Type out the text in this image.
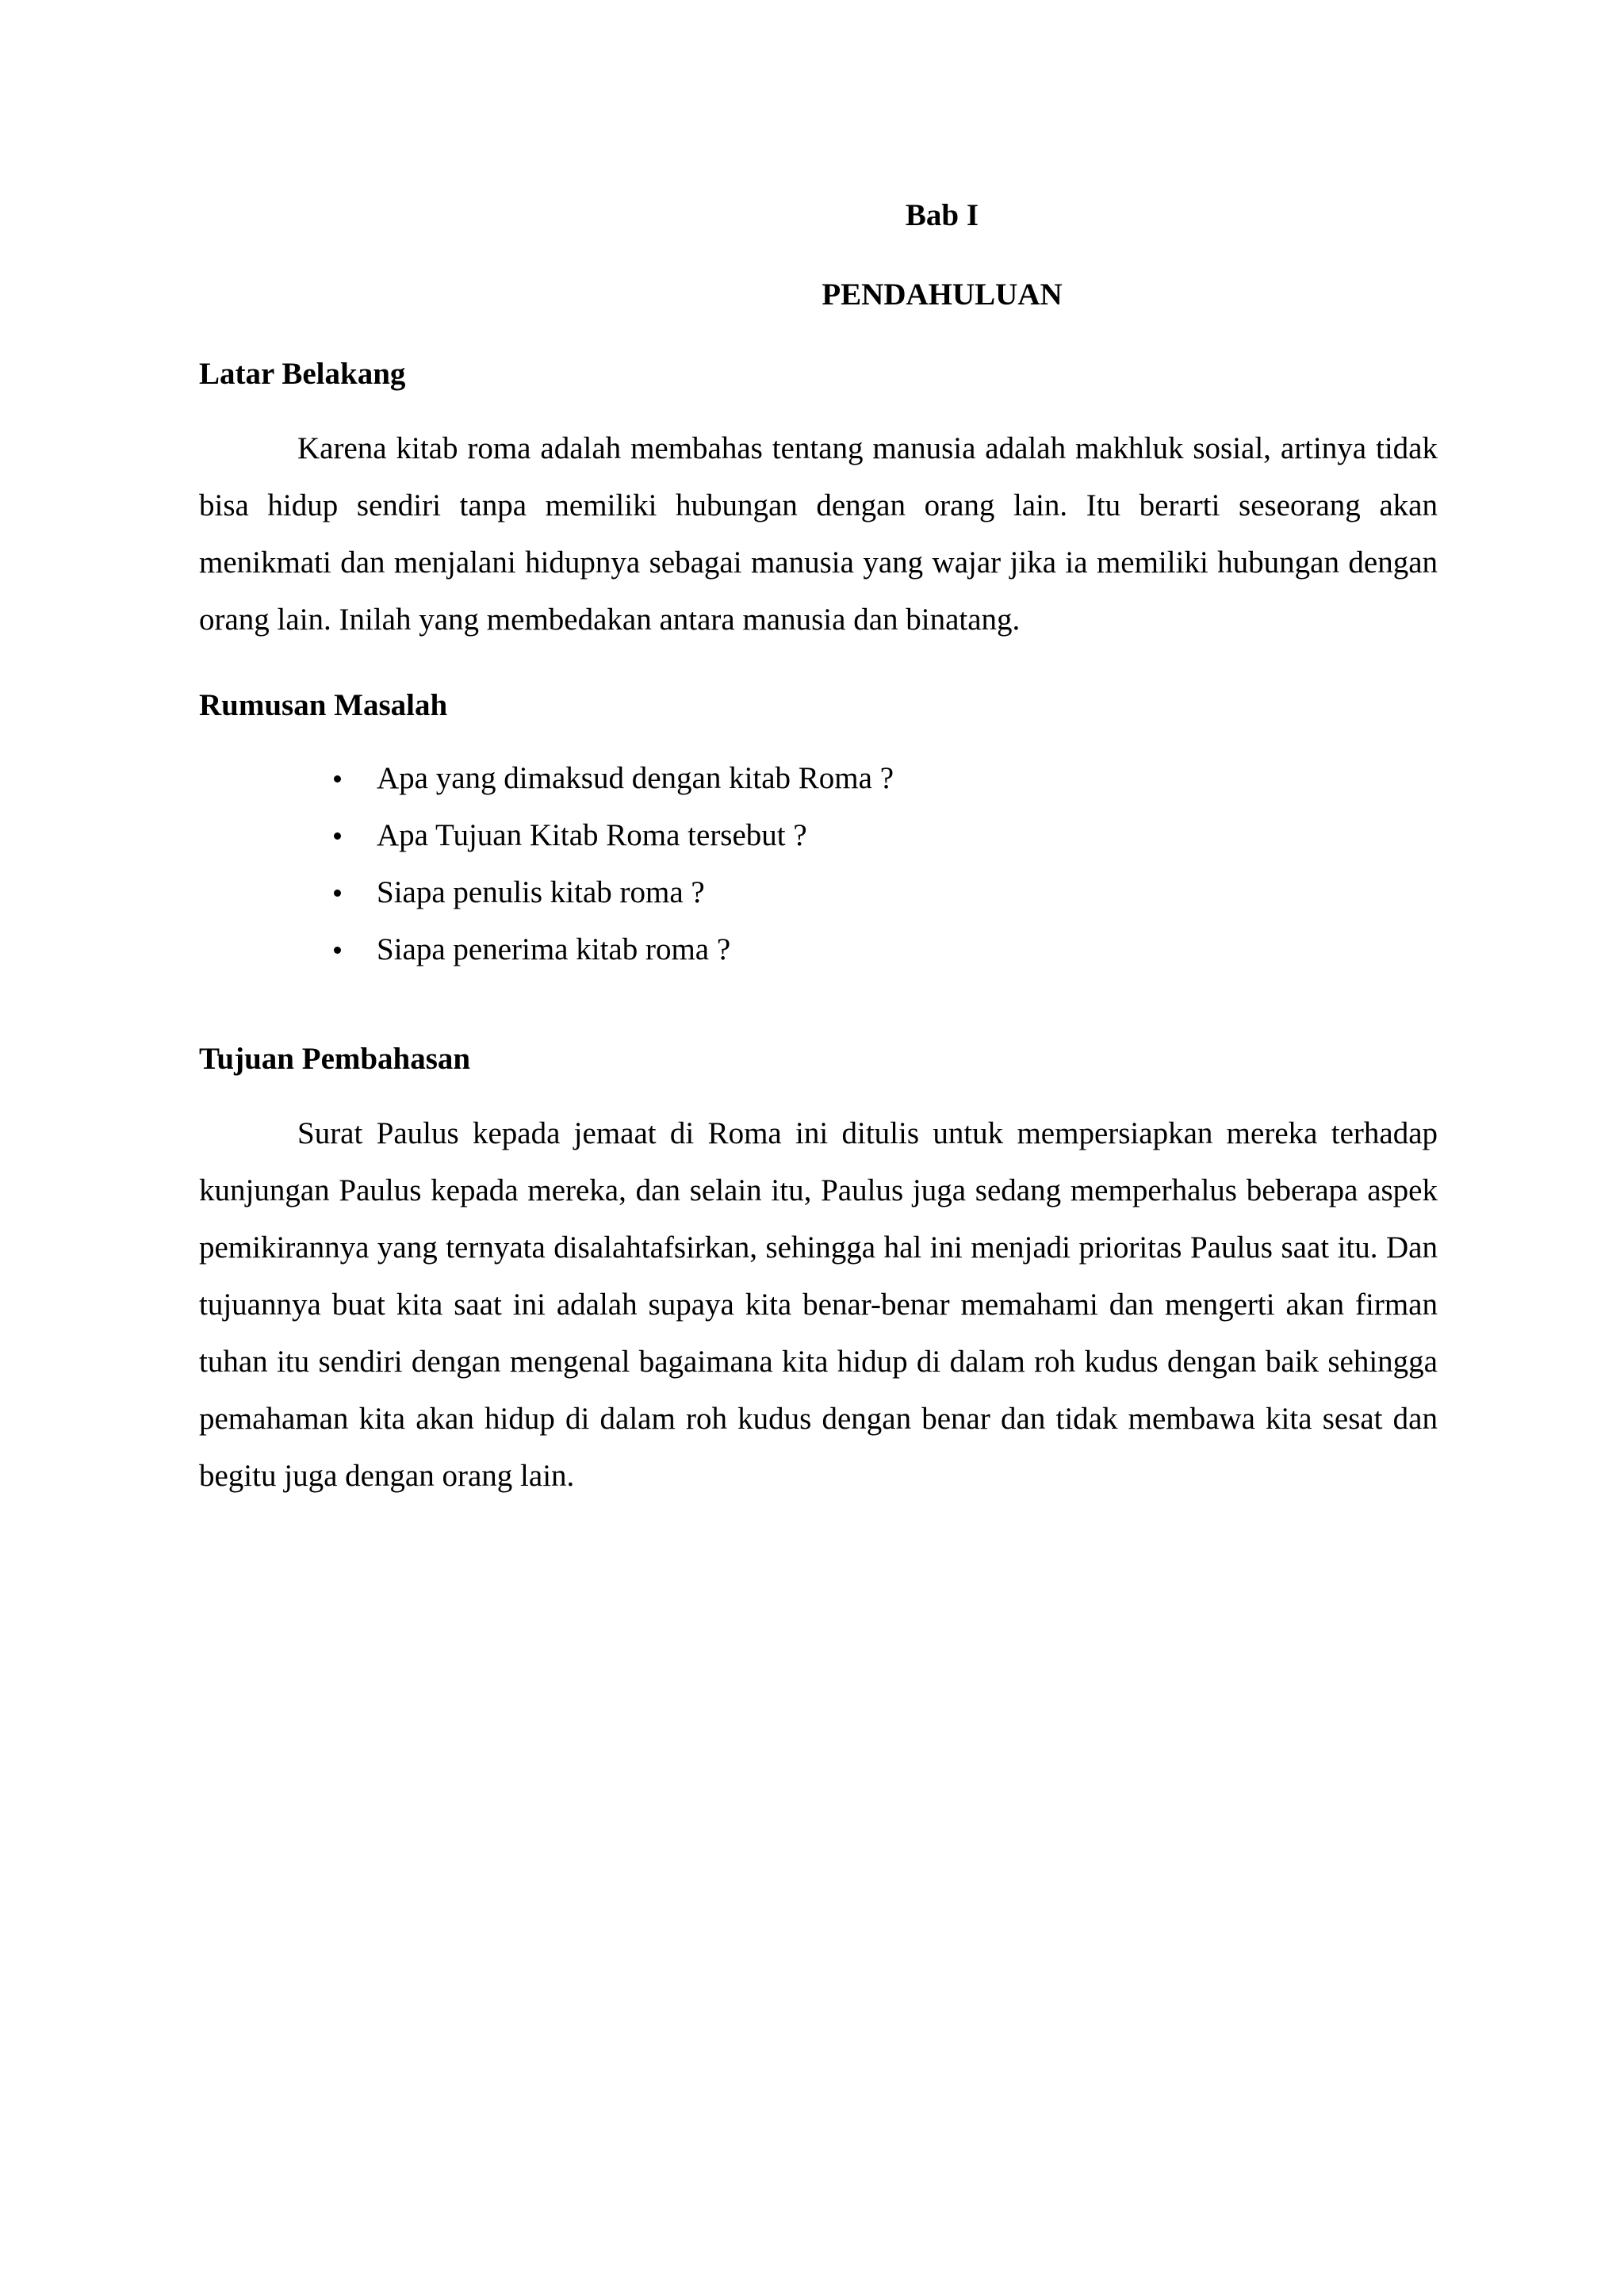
Bab I

PENDAHULUAN

Latar Belakang

Karena kitab roma adalah membahas tentang manusia adalah makhluk sosial, artinya tidak bisa hidup sendiri tanpa memiliki hubungan dengan orang lain. Itu berarti seseorang akan menikmati dan menjalani hidupnya sebagai manusia yang wajar jika ia memiliki hubungan dengan orang lain. Inilah yang membedakan antara manusia dan binatang.

Rumusan Masalah
Apa yang dimaksud dengan kitab Roma ?
Apa Tujuan Kitab Roma tersebut ?
Siapa penulis kitab roma ?
Siapa penerima kitab roma ?
Tujuan Pembahasan

Surat Paulus kepada jemaat di Roma ini ditulis untuk mempersiapkan mereka terhadap kunjungan Paulus kepada mereka, dan selain itu, Paulus juga sedang memperhalus beberapa aspek pemikirannya yang ternyata disalahtafsirkan, sehingga hal ini menjadi prioritas Paulus saat itu. Dan tujuannya buat kita saat ini adalah supaya kita benar-benar memahami dan mengerti akan firman tuhan itu sendiri dengan mengenal bagaimana kita hidup di dalam roh kudus dengan baik sehingga pemahaman kita akan hidup di dalam roh kudus dengan benar dan tidak membawa kita sesat dan begitu juga dengan orang lain.
